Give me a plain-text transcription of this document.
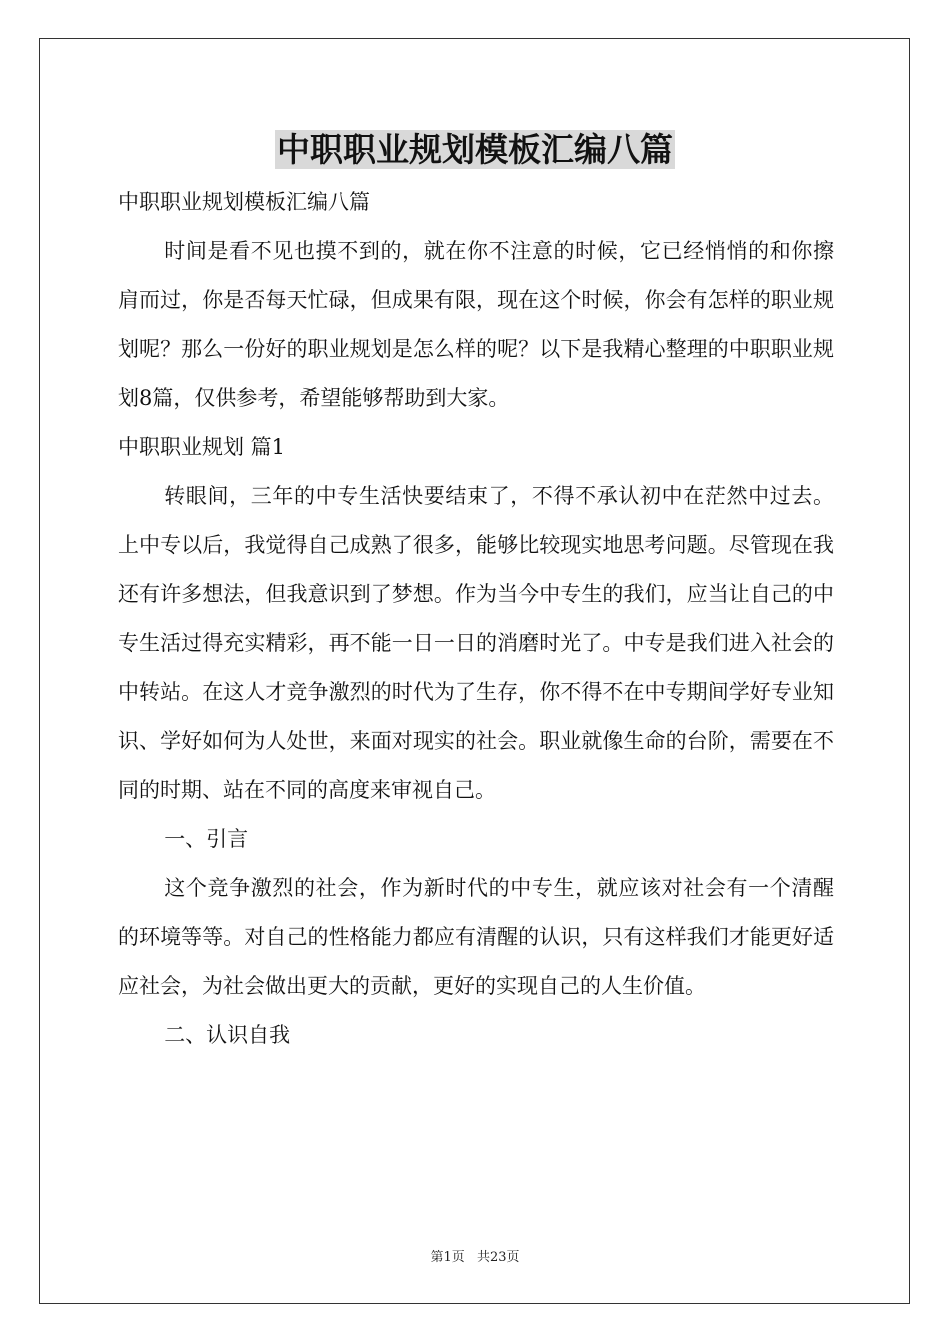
中职职业规划模板汇编八篇

中职职业规划模板汇编八篇

时间是看不见也摸不到的，就在你不注意的时候，它已经悄悄的和你擦肩而过，你是否每天忙碌，但成果有限，现在这个时候，你会有怎样的职业规划呢？那么一份好的职业规划是怎么样的呢？以下是我精心整理的中职职业规划8篇，仅供参考，希望能够帮助到大家。

中职职业规划 篇1

转眼间，三年的中专生活快要结束了，不得不承认初中在茫然中过去。上中专以后，我觉得自己成熟了很多，能够比较现实地思考问题。尽管现在我还有许多想法，但我意识到了梦想。作为当今中专生的我们，应当让自己的中专生活过得充实精彩，再不能一日一日的消磨时光了。中专是我们进入社会的中转站。在这人才竞争激烈的时代为了生存，你不得不在中专期间学好专业知识、学好如何为人处世，来面对现实的社会。职业就像生命的台阶，需要在不同的时期、站在不同的高度来审视自己。

一、引言

这个竞争激烈的社会，作为新时代的中专生，就应该对社会有一个清醒的环境等等。对自己的性格能力都应有清醒的认识，只有这样我们才能更好适应社会，为社会做出更大的贡献，更好的实现自己的人生价值。

二、认识自我

第1页 共23页
